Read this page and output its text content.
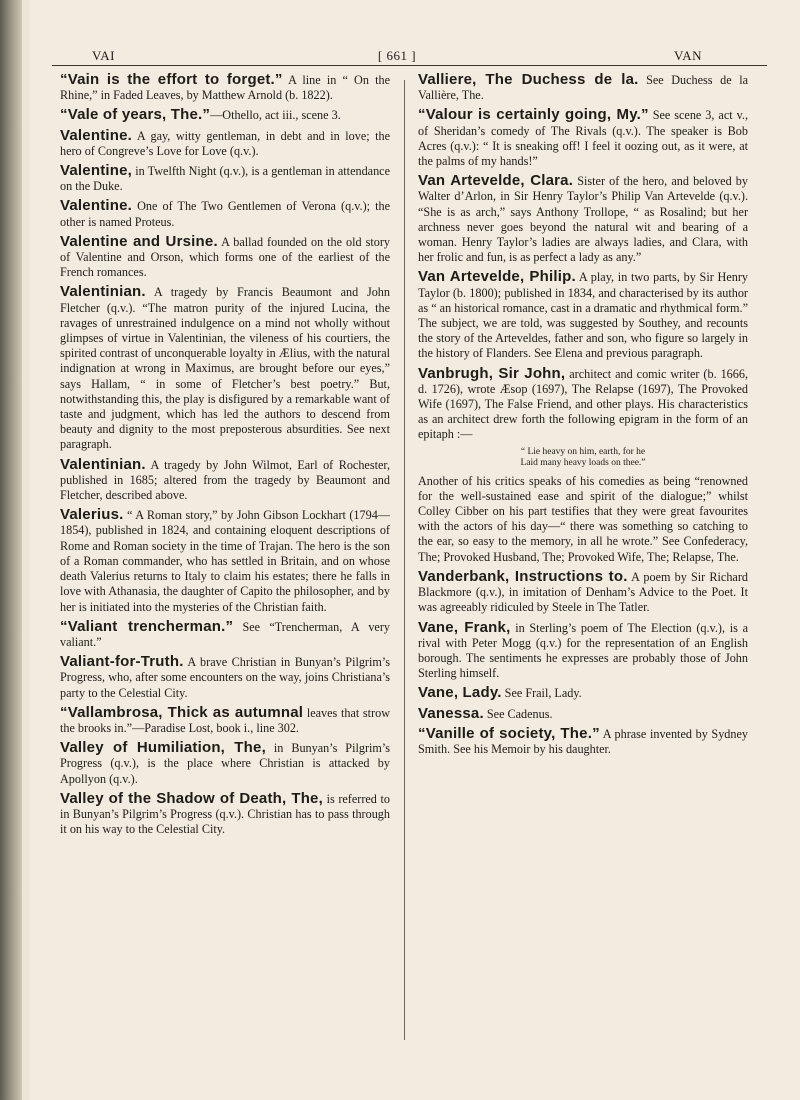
VAI	[ 661 ]	VAN

“Vain is the effort to forget.” A line in “ On the Rhine,” in Faded Leaves, by Matthew Arnold (b. 1822).

“Vale of years, The.”—Othello, act iii., scene 3.

Valentine. A gay, witty gentleman, in debt and in love; the hero of Congreve’s Love for Love (q.v.).

Valentine, in Twelfth Night (q.v.), is a gentleman in attendance on the Duke.

Valentine. One of The Two Gentlemen of Verona (q.v.); the other is named Proteus.

Valentine and Ursine. A ballad founded on the old story of Valentine and Orson, which forms one of the earliest of the French romances.

Valentinian. A tragedy by Francis Beaumont and John Fletcher (q.v.). “The matron purity of the injured Lucina, the ravages of unrestrained indulgence on a mind not wholly without glimpses of virtue in Valentinian, the vileness of his courtiers, the spirited contrast of unconquerable loyalty in Ælius, with the natural indignation at wrong in Maximus, are brought before our eyes,” says Hallam, “ in some of Fletcher’s best poetry.” But, notwithstanding this, the play is disfigured by a remarkable want of taste and judgment, which has led the authors to descend from beauty and dignity to the most preposterous absurdities. See next paragraph.

Valentinian. A tragedy by John Wilmot, Earl of Rochester, published in 1685; altered from the tragedy by Beaumont and Fletcher, described above.

Valerius. “ A Roman story,” by John Gibson Lockhart (1794—1854), published in 1824, and containing eloquent descriptions of Rome and Roman society in the time of Trajan. The hero is the son of a Roman commander, who has settled in Britain, and on whose death Valerius returns to Italy to claim his estates; there he falls in love with Athanasia, the daughter of Capito the philosopher, and by her is initiated into the mysteries of the Christian faith.

“Valiant trencherman.” See “Trencherman, A very valiant.”

Valiant-for-Truth. A brave Christian in Bunyan’s Pilgrim’s Progress, who, after some encounters on the way, joins Christiana’s party to the Celestial City.

“Vallambrosa, Thick as autumnal leaves that strow the brooks in.”—Paradise Lost, book i., line 302.

Valley of Humiliation, The, in Bunyan’s Pilgrim’s Progress (q.v.), is the place where Christian is attacked by Apollyon (q.v.).

Valley of the Shadow of Death, The, is referred to in Bunyan’s Pilgrim’s Progress (q.v.). Christian has to pass through it on his way to the Celestial City.

Valliere, The Duchess de la. See Duchess de la Vallière, The.

“Valour is certainly going, My.” See scene 3, act v., of Sheridan’s comedy of The Rivals (q.v.). The speaker is Bob Acres (q.v.): “ It is sneaking off! I feel it oozing out, as it were, at the palms of my hands!”

Van Artevelde, Clara. Sister of the hero, and beloved by Walter d’Arlon, in Sir Henry Taylor’s Philip Van Artevelde (q.v.). “She is as arch,” says Anthony Trollope, “ as Rosalind; but her archness never goes beyond the natural wit and bearing of a woman. Henry Taylor’s ladies are always ladies, and Clara, with her frolic and fun, is as perfect a lady as any.”

Van Artevelde, Philip. A play, in two parts, by Sir Henry Taylor (b. 1800); published in 1834, and characterised by its author as “ an historical romance, cast in a dramatic and rhythmical form.” The subject, we are told, was suggested by Southey, and recounts the story of the Arteveldes, father and son, who figure so largely in the history of Flanders. See Elena and previous paragraph.

Vanbrugh, Sir John, architect and comic writer (b. 1666, d. 1726), wrote Æsop (1697), The Relapse (1697), The Provoked Wife (1697), The False Friend, and other plays. His characteristics as an architect drew forth the following epigram in the form of an epitaph :—

“ Lie heavy on him, earth, for he
Laid many heavy loads on thee.”

Another of his critics speaks of his comedies as being “renowned for the well-sustained ease and spirit of the dialogue;” whilst Colley Cibber on his part testifies that they were great favourites with the actors of his day—“ there was something so catching to the ear, so easy to the memory, in all he wrote.” See Confederacy, The; Provoked Husband, The; Provoked Wife, The; Relapse, The.

Vanderbank, Instructions to. A poem by Sir Richard Blackmore (q.v.), in imitation of Denham’s Advice to the Poet. It was agreeably ridiculed by Steele in The Tatler.

Vane, Frank, in Sterling’s poem of The Election (q.v.), is a rival with Peter Mogg (q.v.) for the representation of an English borough. The sentiments he expresses are probably those of John Sterling himself.

Vane, Lady. See Frail, Lady.

Vanessa. See Cadenus.

“Vanille of society, The.” A phrase invented by Sydney Smith. See his Memoir by his daughter.
